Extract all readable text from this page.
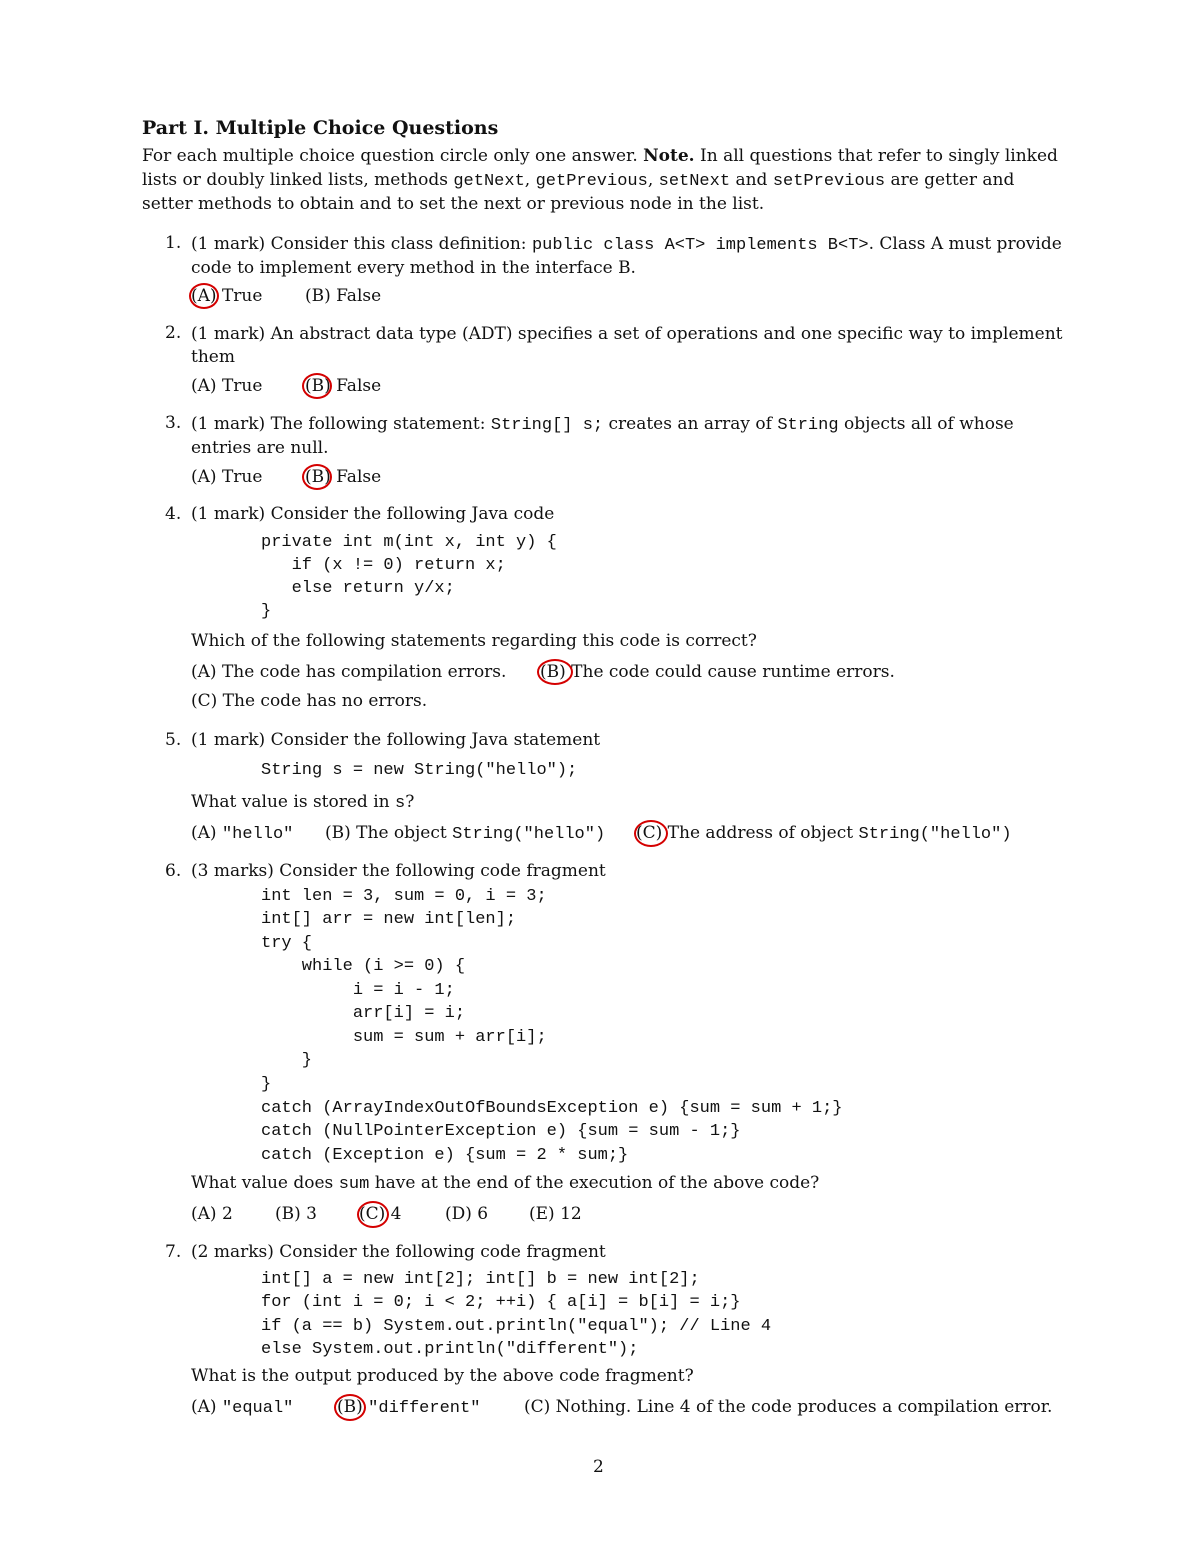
Part I. Multiple Choice Questions
For each multiple choice question circle only one answer. Note. In all questions that refer to singly linked lists or doubly linked lists, methods getNext, getPrevious, setNext and setPrevious are getter and setter methods to obtain and to set the next or previous node in the list.
1. (1 mark) Consider this class definition: public class A<T> implements B<T>. Class A must provide code to implement every method in the interface B.
(A) True	(B) False
2. (1 mark) An abstract data type (ADT) specifies a set of operations and one specific way to implement them
(A) True	(B) False
3. (1 mark) The following statement: String[] s; creates an array of String objects all of whose entries are null.
(A) True	(B) False
4. (1 mark) Consider the following Java code
private int m(int x, int y) {
if (x != 0) return x;
else return y/x;
}
Which of the following statements regarding this code is correct?
(A) The code has compilation errors. (B) The code could cause runtime errors.
(C) The code has no errors.
5. (1 mark) Consider the following Java statement
String s = new String("hello");
What value is stored in s?
(A) "hello" (B) The object String("hello") (C) The address of object String("hello")
6. (3 marks) Consider the following code fragment
int len = 3, sum = 0, i = 3;
int[] arr = new int[len];
try {
while (i >= 0) {
i = i - 1;
arr[i] = i;
sum = sum + arr[i];
}
}
catch (ArrayIndexOutOfBoundsException e) {sum = sum + 1;}
catch (NullPointerException e) {sum = sum - 1;}
catch (Exception e) {sum = 2 * sum;}
What value does sum have at the end of the execution of the above code?
(A) 2 (B) 3 (C) 4	(D) 6 (E) 12
7. (2 marks) Consider the following code fragment
int[] a = new int[2]; int[] b = new int[2];
for (int i = 0; i < 2; ++i) { a[i] = b[i] = i;}
if (a == b) System.out.println("equal"); // Line 4
else System.out.println("different");
What is the output produced by the above code fragment?
(A) "equal"	(B) "different"	(C) Nothing. Line 4 of the code produces a compilation error.
2
